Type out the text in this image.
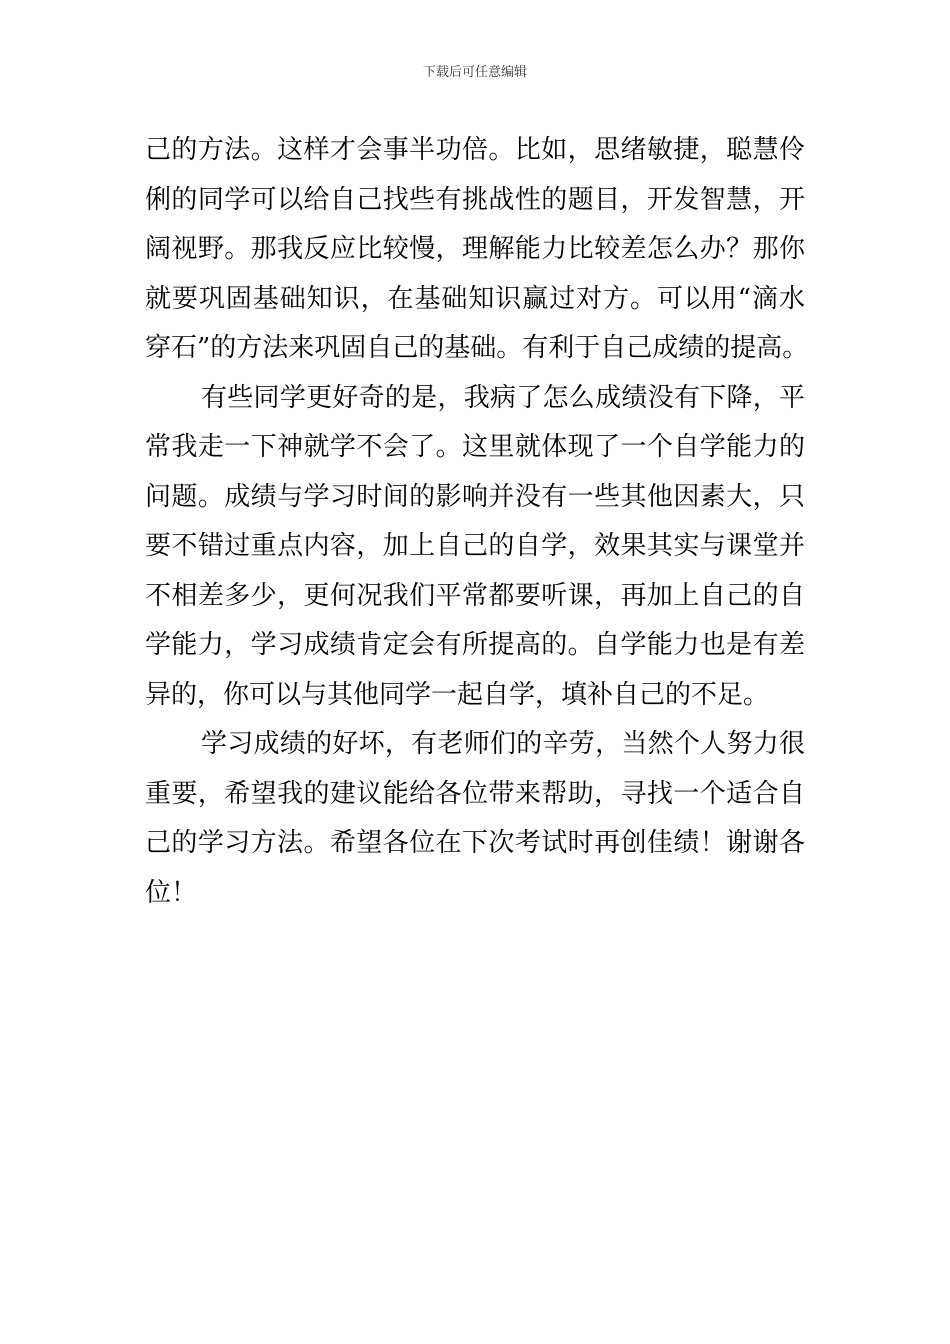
下载后可任意编辑
己的方法。这样才会事半功倍。比如，思绪敏捷，聪慧伶
俐的同学可以给自己找些有挑战性的题目，开发智慧，开
阔视野。那我反应比较慢，理解能力比较差怎么办？那你
就要巩固基础知识，在基础知识赢过对方。可以用“滴水
穿石”的方法来巩固自己的基础。有利于自己成绩的提高。
有些同学更好奇的是，我病了怎么成绩没有下降，平
常我走一下神就学不会了。这里就体现了一个自学能力的
问题。成绩与学习时间的影响并没有一些其他因素大，只
要不错过重点内容，加上自己的自学，效果其实与课堂并
不相差多少，更何况我们平常都要听课，再加上自己的自
学能力，学习成绩肯定会有所提高的。自学能力也是有差
异的，你可以与其他同学一起自学，填补自己的不足。
学习成绩的好坏，有老师们的辛劳，当然个人努力很
重要，希望我的建议能给各位带来帮助，寻找一个适合自
己的学习方法。希望各位在下次考试时再创佳绩！谢谢各
位！
